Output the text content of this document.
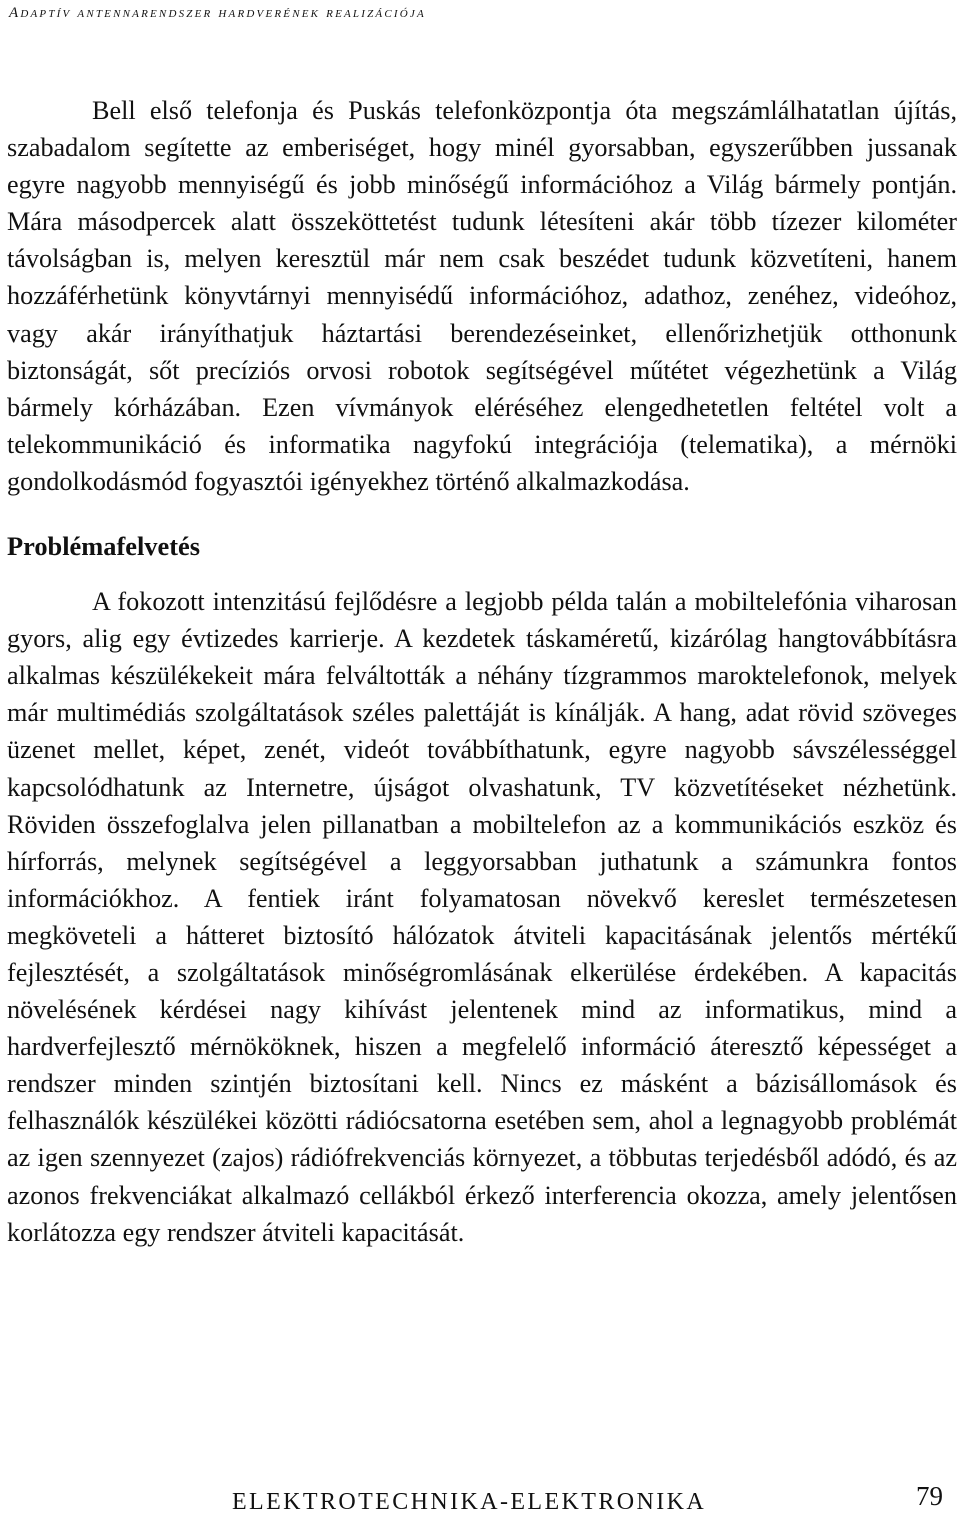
Adaptív antennarendszer hardverének realizációja

Bell első telefonja és Puskás telefonközpontja óta megszámlálhatatlan újítás, szabadalom segítette az emberiséget, hogy minél gyorsabban, egyszerűbben jussanak egyre nagyobb mennyiségű és jobb minőségű információhoz a Világ bármely pontján. Mára másodpercek alatt összeköttetést tudunk létesíteni akár több tízezer kilométer távolságban is, melyen keresztül már nem csak beszédet tudunk közvetíteni, hanem hozzáférhetünk könyvtárnyi mennyisédű információhoz, adathoz, zenéhez, videóhoz, vagy akár irányíthatjuk háztartási berendezéseinket, ellenőrizhetjük otthonunk biztonságát, sőt precíziós orvosi robotok segítségével műtétet végezhetünk a Világ bármely kórházában. Ezen vívmányok eléréséhez elengedhetetlen feltétel volt a telekommunikáció és informatika nagyfokú integrációja (telematika), a mérnöki gondolkodásmód fogyasztói igényekhez történő alkalmazkodása.

Problémafelvetés

A fokozott intenzitású fejlődésre a legjobb példa talán a mobiltelefónia viharosan gyors, alig egy évtizedes karrierje. A kezdetek táskaméretű, kizárólag hangtovábbításra alkalmas készülékekeit mára felváltották a néhány tízgrammos maroktelefonok, melyek már multimédiás szolgáltatások széles palettáját is kínálják. A hang, adat rövid szöveges üzenet mellet, képet, zenét, videót továbbíthatunk, egyre nagyobb sávszélességgel kapcsolódhatunk az Internetre, újságot olvashatunk, TV közvetítéseket nézhetünk. Röviden összefoglalva jelen pillanatban a mobiltelefon az a kommunikációs eszköz és hírforrás, melynek segítségével a leggyorsabban juthatunk a számunkra fontos információkhoz. A fentiek iránt folyamatosan növekvő kereslet természetesen megköveteli a hátteret biztosító hálózatok átviteli kapacitásának jelentős mértékű fejlesztését, a szolgáltatások minőségromlásának elkerülése érdekében. A kapacitás növelésének kérdései nagy kihívást jelentenek mind az informatikus, mind a hardverfejlesztő mérnököknek, hiszen a megfelelő információ áteresztő képességet a rendszer minden szintjén biztosítani kell. Nincs ez másként a bázisállomások és felhasználók készülékei közötti rádiócsatorna esetében sem, ahol a legnagyobb problémát az igen szennyezet (zajos) rádiófrekvenciás környezet, a többutas terjedésből adódó, és az azonos frekvenciákat alkalmazó cellákból érkező interferencia okozza, amely jelentősen korlátozza egy rendszer átviteli kapacitását.

ELEKTROTECHNIKA-ELEKTRONIKA	79
